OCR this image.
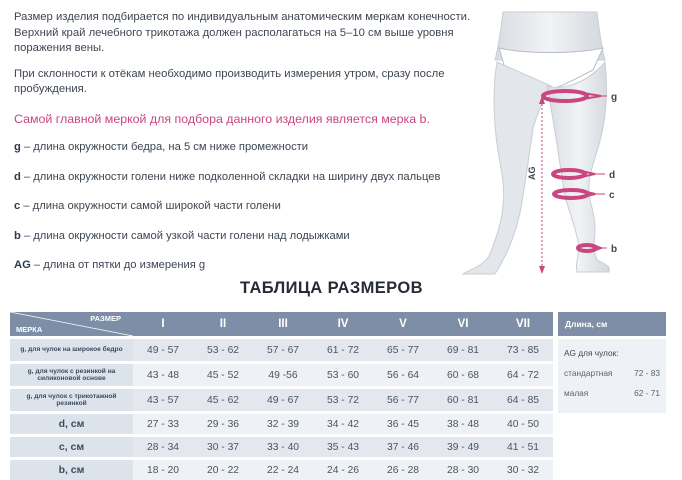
Размер изделия подбирается по индивидуальным анатомическим меркам конечности. Верхний край лечебного трикотажа должен располагаться на 5–10 см выше уровня поражения вены.

При склонности к отёкам необходимо производить измерения утром, сразу после пробуждения.

Самой главной меркой для подбора данного изделия является мерка b.
g – длина окружности бедра, на 5 см ниже промежности
d – длина окружности голени ниже подколенной складки на ширину двух пальцев
c – длина окружности самой широкой части голени
b – длина окружности самой узкой части голени над лодыжками
AG – длина от пятки до измерения g
AG
g
d
c
b
ТАБЛИЦА РАЗМЕРОВ
РАЗМЕР
МЕРКА	I	II	III	IV	V	VI	VII
g, для чулок на широкое бедро	49 - 57	53 - 62	57 - 67	61 - 72	65 - 77	69 - 81	73 - 85
g, для чулок с резинкой на силиконовой основе	43 - 48	45 - 52	49 -56	53 - 60	56 - 64	60 - 68	64 - 72
g, для чулок с трикотажной резинкой	43 - 57	45 - 62	49 - 67	53 - 72	56 - 77	60 - 81	64 - 85
d, см	27 - 33	29 - 36	32 - 39	34 - 42	36 - 45	38 - 48	40 - 50
c, см	28 - 34	30 - 37	33 - 40	35 - 43	37 - 46	39 - 49	41 - 51
b, см	18 - 20	20 - 22	22 - 24	24 - 26	26 - 28	28 - 30	30 - 32
Длина, см
AG для чулок:
стандартная	72 - 83
малая	62 - 71
